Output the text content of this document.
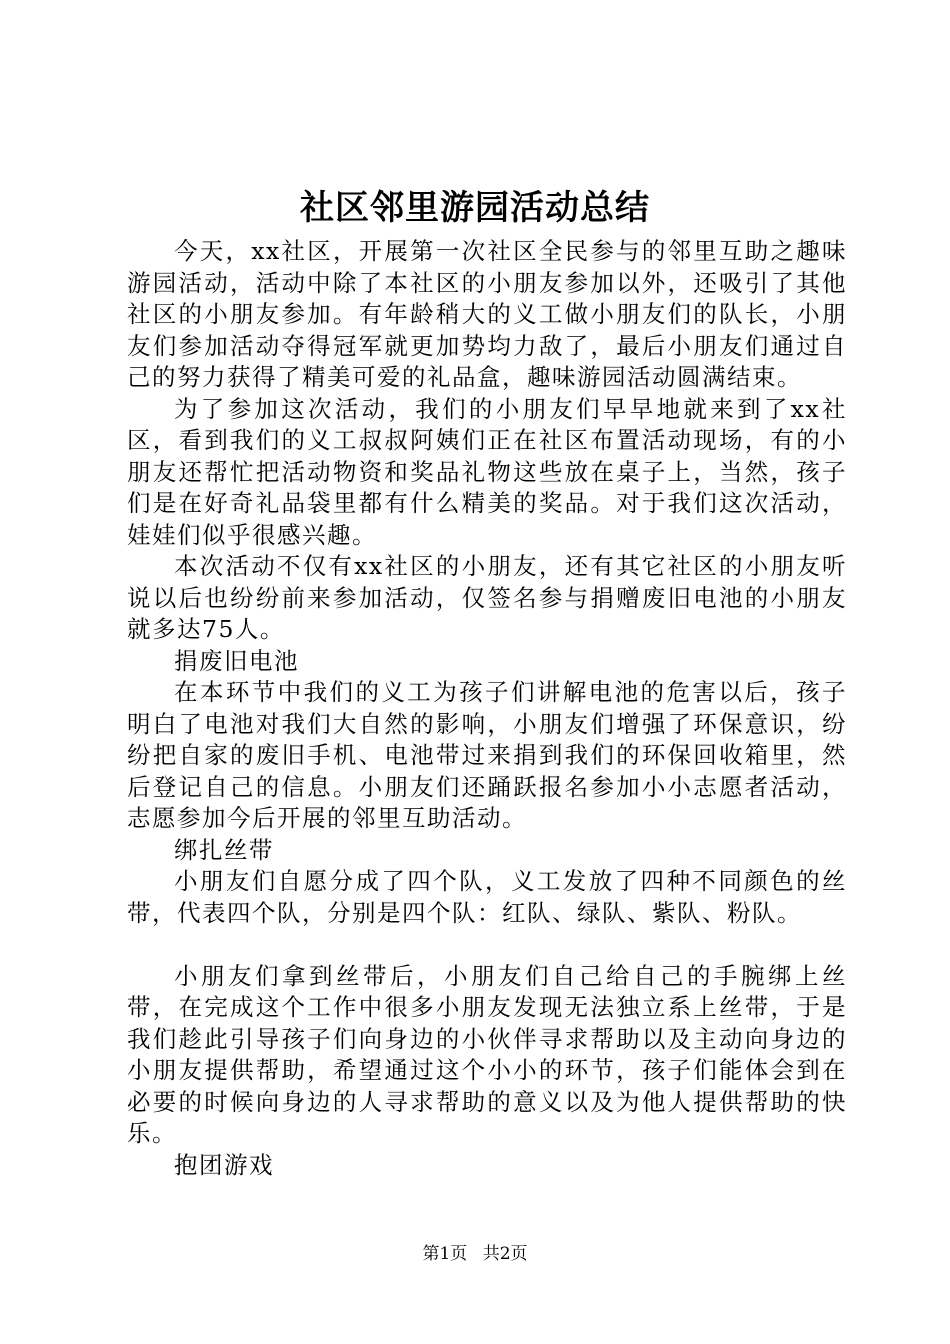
社区邻里游园活动总结

今天，xx社区，开展第一次社区全民参与的邻里互助之趣味游园活动，活动中除了本社区的小朋友参加以外，还吸引了其他社区的小朋友参加。有年龄稍大的义工做小朋友们的队长，小朋友们参加活动夺得冠军就更加势均力敌了，最后小朋友们通过自己的努力获得了精美可爱的礼品盒，趣味游园活动圆满结束。

为了参加这次活动，我们的小朋友们早早地就来到了xx社区，看到我们的义工叔叔阿姨们正在社区布置活动现场，有的小朋友还帮忙把活动物资和奖品礼物这些放在桌子上，当然，孩子们是在好奇礼品袋里都有什么精美的奖品。对于我们这次活动，娃娃们似乎很感兴趣。

本次活动不仅有xx社区的小朋友，还有其它社区的小朋友听说以后也纷纷前来参加活动，仅签名参与捐赠废旧电池的小朋友就多达75人。

捐废旧电池

在本环节中我们的义工为孩子们讲解电池的危害以后，孩子明白了电池对我们大自然的影响，小朋友们增强了环保意识，纷纷把自家的废旧手机、电池带过来捐到我们的环保回收箱里，然后登记自己的信息。小朋友们还踊跃报名参加小小志愿者活动，志愿参加今后开展的邻里互助活动。

绑扎丝带

小朋友们自愿分成了四个队，义工发放了四种不同颜色的丝带，代表四个队，分别是四个队：红队、绿队、紫队、粉队。

小朋友们拿到丝带后，小朋友们自己给自己的手腕绑上丝带，在完成这个工作中很多小朋友发现无法独立系上丝带，于是我们趁此引导孩子们向身边的小伙伴寻求帮助以及主动向身边的小朋友提供帮助，希望通过这个小小的环节，孩子们能体会到在必要的时候向身边的人寻求帮助的意义以及为他人提供帮助的快乐。

抱团游戏

第1页 共2页
